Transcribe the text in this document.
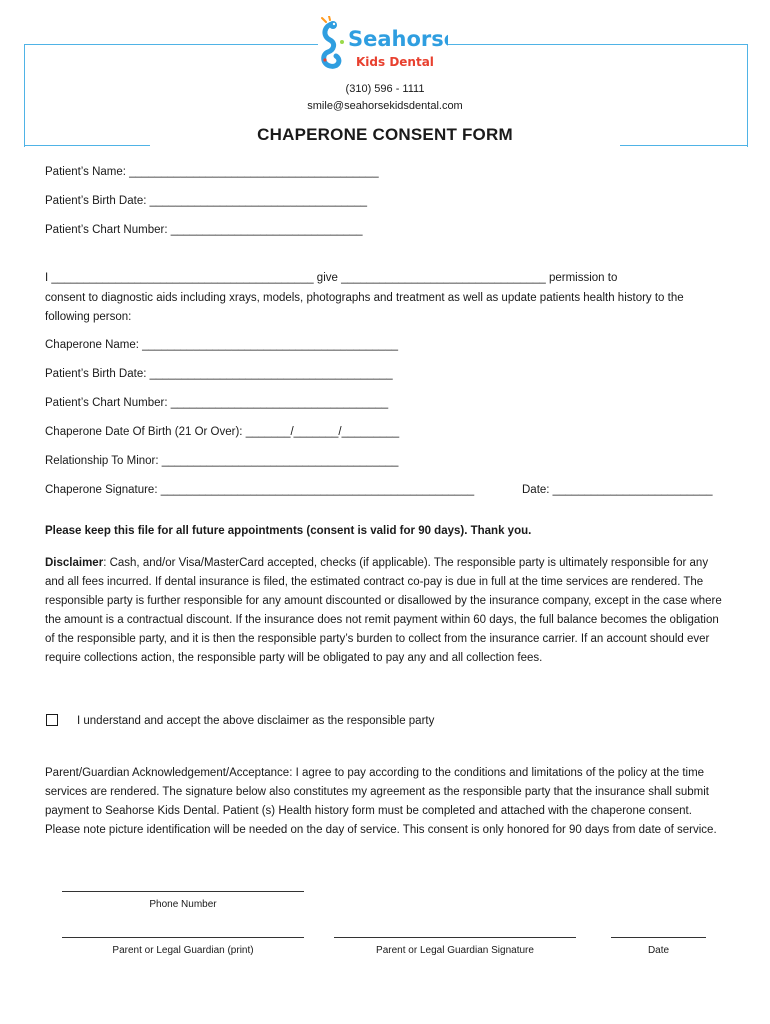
Seahorse
Kids Dental
(310) 596 - 1111
smile@seahorsekidsdental.com
CHAPERONE CONSENT FORM
Patient’s Name: _______________________________________
Patient’s Birth Date: __________________________________
Patient’s Chart Number: ______________________________
I _________________________________________ give ________________________________ permission to
consent to diagnostic aids including xrays, models, photographs and treatment as well as update patients health history to the following person:
Chaperone Name: ________________________________________
Patient’s Birth Date: ______________________________________
Patient’s Chart Number: __________________________________
Chaperone Date Of Birth (21 Or Over): _______/_______/_________
Relationship To Minor: _____________________________________
Chaperone Signature: _________________________________________________	Date: _________________________
Please keep this file for all future appointments (consent is valid for 90 days). Thank you.
Disclaimer: Cash, and/or Visa/MasterCard accepted, checks (if applicable). The responsible party is ultimately responsible for any and all fees incurred. If dental insurance is filed, the estimated contract co-pay is due in full at the time services are rendered. The responsible party is further responsible for any amount discounted or disallowed by the insurance company, except in the case where the amount is a contractual discount. If the insurance does not remit payment within 60 days, the full balance becomes the obligation of the responsible party, and it is then the responsible party’s burden to collect from the insurance carrier. If an account should ever require collections action, the responsible party will be obligated to pay any and all collection fees.
I understand and accept the above disclaimer as the responsible party
Parent/Guardian Acknowledgement/Acceptance: I agree to pay according to the conditions and limitations of the policy at the time services are rendered. The signature below also constitutes my agreement as the responsible party that the insurance shall submit payment to Seahorse Kids Dental. Patient (s) Health history form must be completed and attached with the chaperone consent. Please note picture identification will be needed on the day of service. This consent is only honored for 90 days from date of service.
Phone Number
Parent or Legal Guardian (print)	Parent or Legal Guardian Signature	Date
